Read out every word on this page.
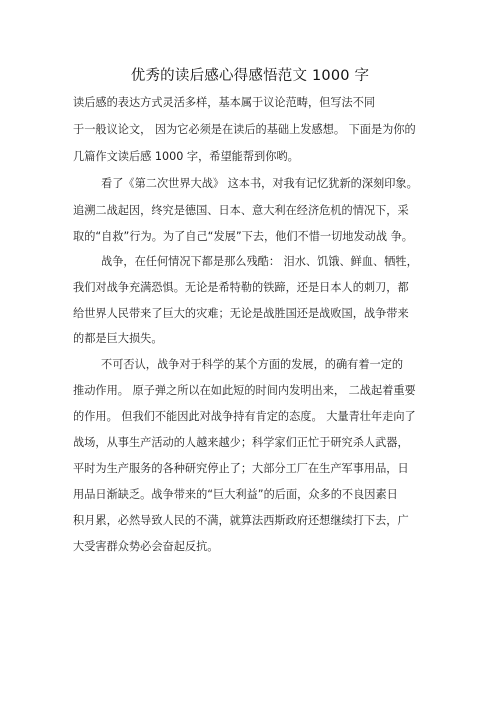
优秀的读后感心得感悟范文 1000 字
读后感的表达方式灵活多样，基本属于议论范畴，但写法不同
于一般议论文， 因为它必须是在读后的基础上发感想。 下面是为你的
几篇作文读后感 1000 字，希望能帮到你哟。
看了《第二次世界大战》 这本书，对我有记忆犹新的深刻印象。
追溯二战起因，终究是德国、日本、意大利在经济危机的情况下，采
取的“自救”行为。为了自己“发展”下去，他们不惜一切地发动战 争。
战争，在任何情况下都是那么残酷： 泪水、饥饿、鲜血、牺牲，
我们对战争充满恐惧。无论是希特勒的铁蹄，还是日本人的刺刀，都
给世界人民带来了巨大的灾难；无论是战胜国还是战败国，战争带来
的都是巨大损失。
不可否认，战争对于科学的某个方面的发展，的确有着一定的
推动作用。 原子弹之所以在如此短的时间内发明出来， 二战起着重要
的作用。 但我们不能因此对战争持有肯定的态度。 大量青壮年走向了
战场，从事生产活动的人越来越少；科学家们正忙于研究杀人武器，
平时为生产服务的各种研究停止了；大部分工厂在生产军事用品，日
用品日渐缺乏。战争带来的“巨大利益”的后面，众多的不良因素日
积月累，必然导致人民的不满，就算法西斯政府还想继续打下去，广
大受害群众势必会奋起反抗。
